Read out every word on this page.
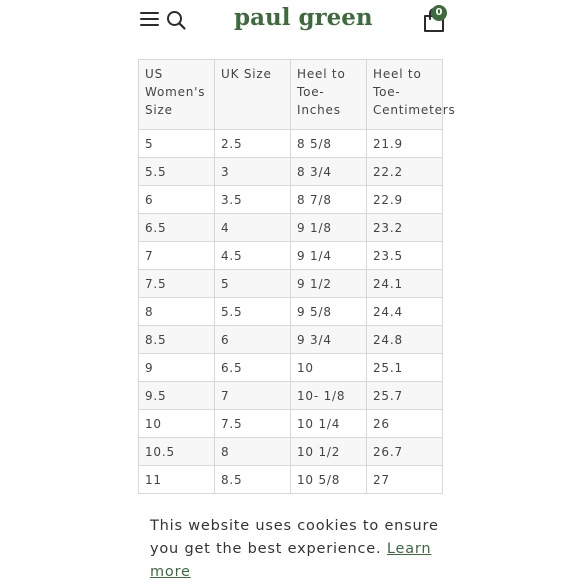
paul green	0
US Women's Size	UK Size	Heel to Toe- Inches	Heel to Toe- Centimeters
5	2.5	8 5/8	21.9
5.5	3	8 3/4	22.2
6	3.5	8 7/8	22.9
6.5	4	9 1/8	23.2
7	4.5	9 1/4	23.5
7.5	5	9 1/2	24.1
8	5.5	9 5/8	24.4
8.5	6	9 3/4	24.8
9	6.5	10	25.1
9.5	7	10- 1/8	25.7
10	7.5	10 1/4	26
10.5	8	10 1/2	26.7
11	8.5	10 5/8	27
This website uses cookies to ensure you get the best experience. Learn more
